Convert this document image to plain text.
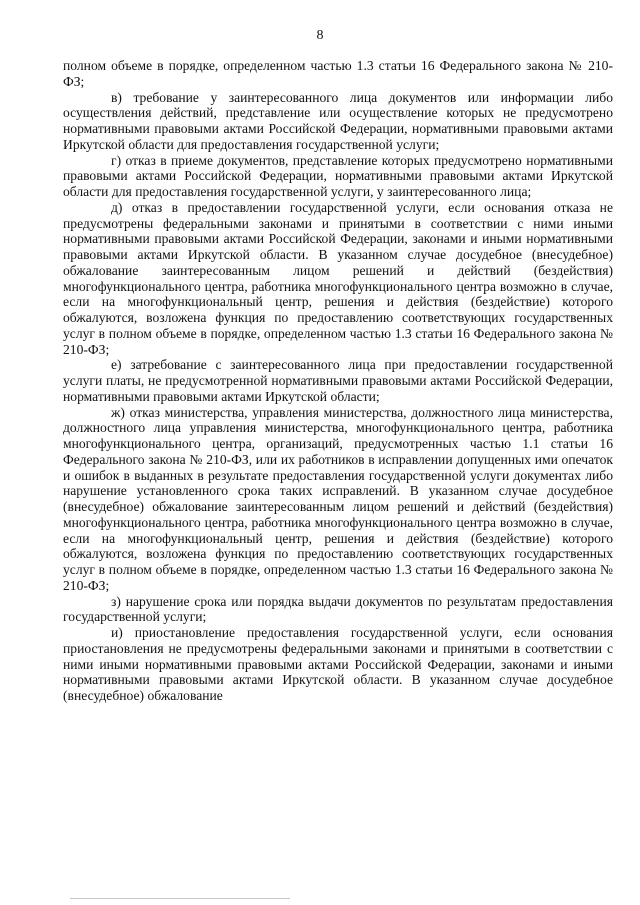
8

полном объеме в порядке, определенном частью 1.3 статьи 16 Федерального закона № 210-ФЗ;

в) требование у заинтересованного лица документов или информации либо осуществления действий, представление или осуществление которых не предусмотрено нормативными правовыми актами Российской Федерации, нормативными правовыми актами Иркутской области для предоставления государственной услуги;

г) отказ в приеме документов, представление которых предусмотрено нормативными правовыми актами Российской Федерации, нормативными правовыми актами Иркутской области для предоставления государственной услуги, у заинтересованного лица;

д) отказ в предоставлении государственной услуги, если основания отказа не предусмотрены федеральными законами и принятыми в соответствии с ними иными нормативными правовыми актами Российской Федерации, законами и иными нормативными правовыми актами Иркутской области. В указанном случае досудебное (внесудебное) обжалование заинтересованным лицом решений и действий (бездействия) многофункционального центра, работника многофункционального центра возможно в случае, если на многофункциональный центр, решения и действия (бездействие) которого обжалуются, возложена функция по предоставлению соответствующих государственных услуг в полном объеме в порядке, определенном частью 1.3 статьи 16 Федерального закона № 210-ФЗ;

е) затребование с заинтересованного лица при предоставлении государственной услуги платы, не предусмотренной нормативными правовыми актами Российской Федерации, нормативными правовыми актами Иркутской области;

ж) отказ министерства, управления министерства, должностного лица министерства, должностного лица управления министерства, многофункционального центра, работника многофункционального центра, организаций, предусмотренных частью 1.1 статьи 16 Федерального закона № 210-ФЗ, или их работников в исправлении допущенных ими опечаток и ошибок в выданных в результате предоставления государственной услуги документах либо нарушение установленного срока таких исправлений. В указанном случае досудебное (внесудебное) обжалование заинтересованным лицом решений и действий (бездействия) многофункционального центра, работника многофункционального центра возможно в случае, если на многофункциональный центр, решения и действия (бездействие) которого обжалуются, возложена функция по предоставлению соответствующих государственных услуг в полном объеме в порядке, определенном частью 1.3 статьи 16 Федерального закона № 210-ФЗ;

з) нарушение срока или порядка выдачи документов по результатам предоставления государственной услуги;

и) приостановление предоставления государственной услуги, если основания приостановления не предусмотрены федеральными законами и принятыми в соответствии с ними иными нормативными правовыми актами Российской Федерации, законами и иными нормативными правовыми актами Иркутской области. В указанном случае досудебное (внесудебное) обжалование
